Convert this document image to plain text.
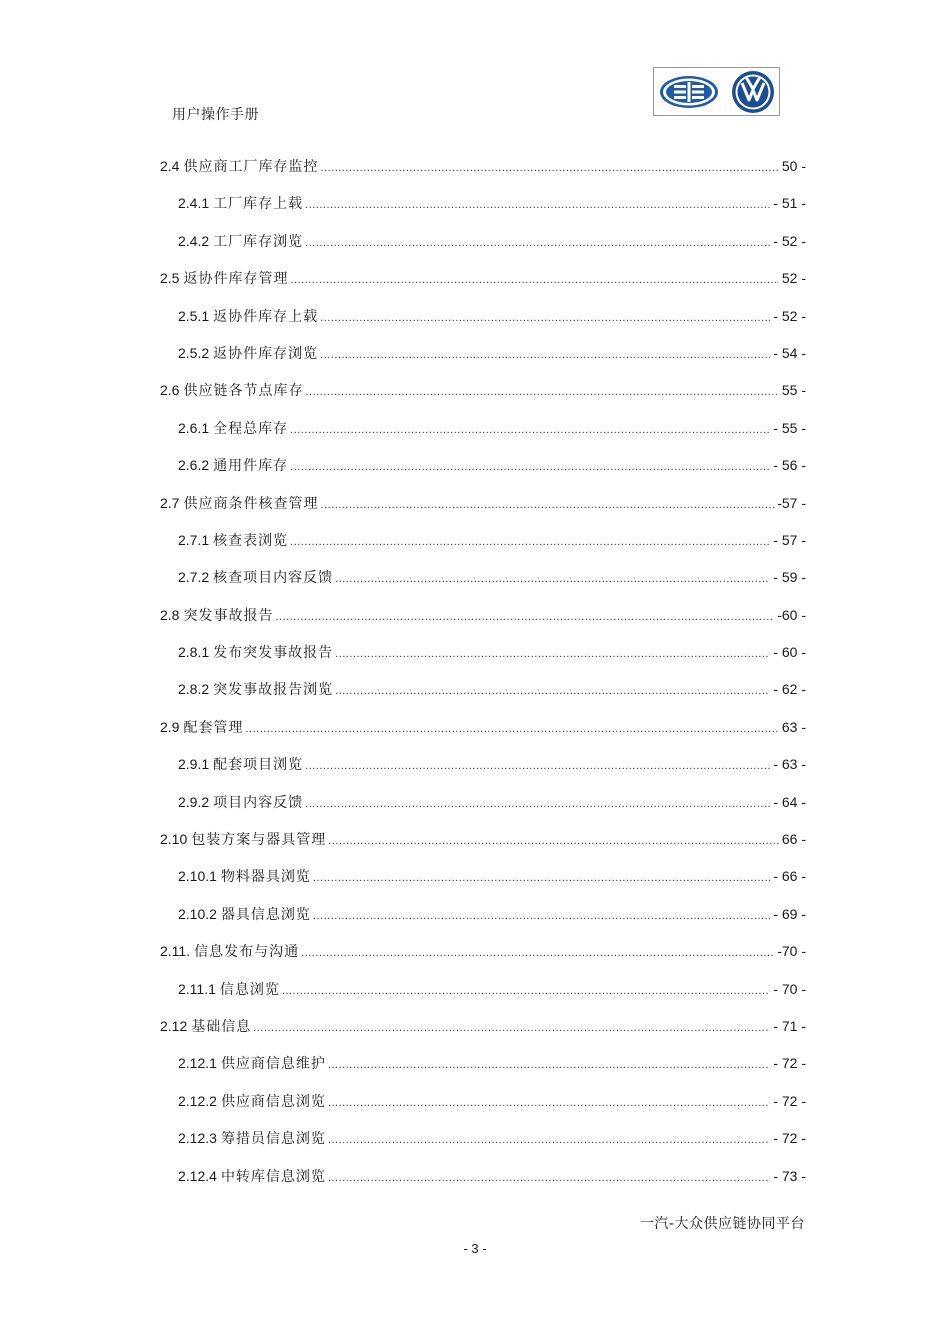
用户操作手册
2.4 供应商工厂库存监控 .....	50 -
2.4.1 工厂库存上载 .....	- 51 -
2.4.2 工厂库存浏览 .....	- 52 -
2.5 返协件库存管理 .....	52 -
2.5.1 返协件库存上载 .....	- 52 -
2.5.2 返协件库存浏览 .....	- 54 -
2.6 供应链各节点库存 .....	55 -
2.6.1 全程总库存 .....	- 55 -
2.6.2 通用件库存 .....	- 56 -
2.7 供应商条件核查管理 .....	-57 -
2.7.1 核查表浏览 .....	- 57 -
2.7.2 核查项目内容反馈 .....	- 59 -
2.8 突发事故报告 .....	-60 -
2.8.1 发布突发事故报告 .....	- 60 -
2.8.2 突发事故报告浏览 .....	- 62 -
2.9 配套管理 .....	63 -
2.9.1 配套项目浏览 .....	- 63 -
2.9.2 项目内容反馈 .....	- 64 -
2.10 包装方案与器具管理 .....	66 -
2.10.1 物料器具浏览 .....	- 66 -
2.10.2 器具信息浏览 .....	- 69 -
2.11. 信息发布与沟通 .....	-70 -
2.11.1 信息浏览 .....	- 70 -
2.12 基础信息 .....	- 71 -
2.12.1 供应商信息维护 .....	- 72 -
2.12.2 供应商信息浏览 .....	- 72 -
2.12.3 筹措员信息浏览 .....	- 72 -
2.12.4 中转库信息浏览 .....	- 73 -
一汽-大众供应链协同平台
- 3 -
